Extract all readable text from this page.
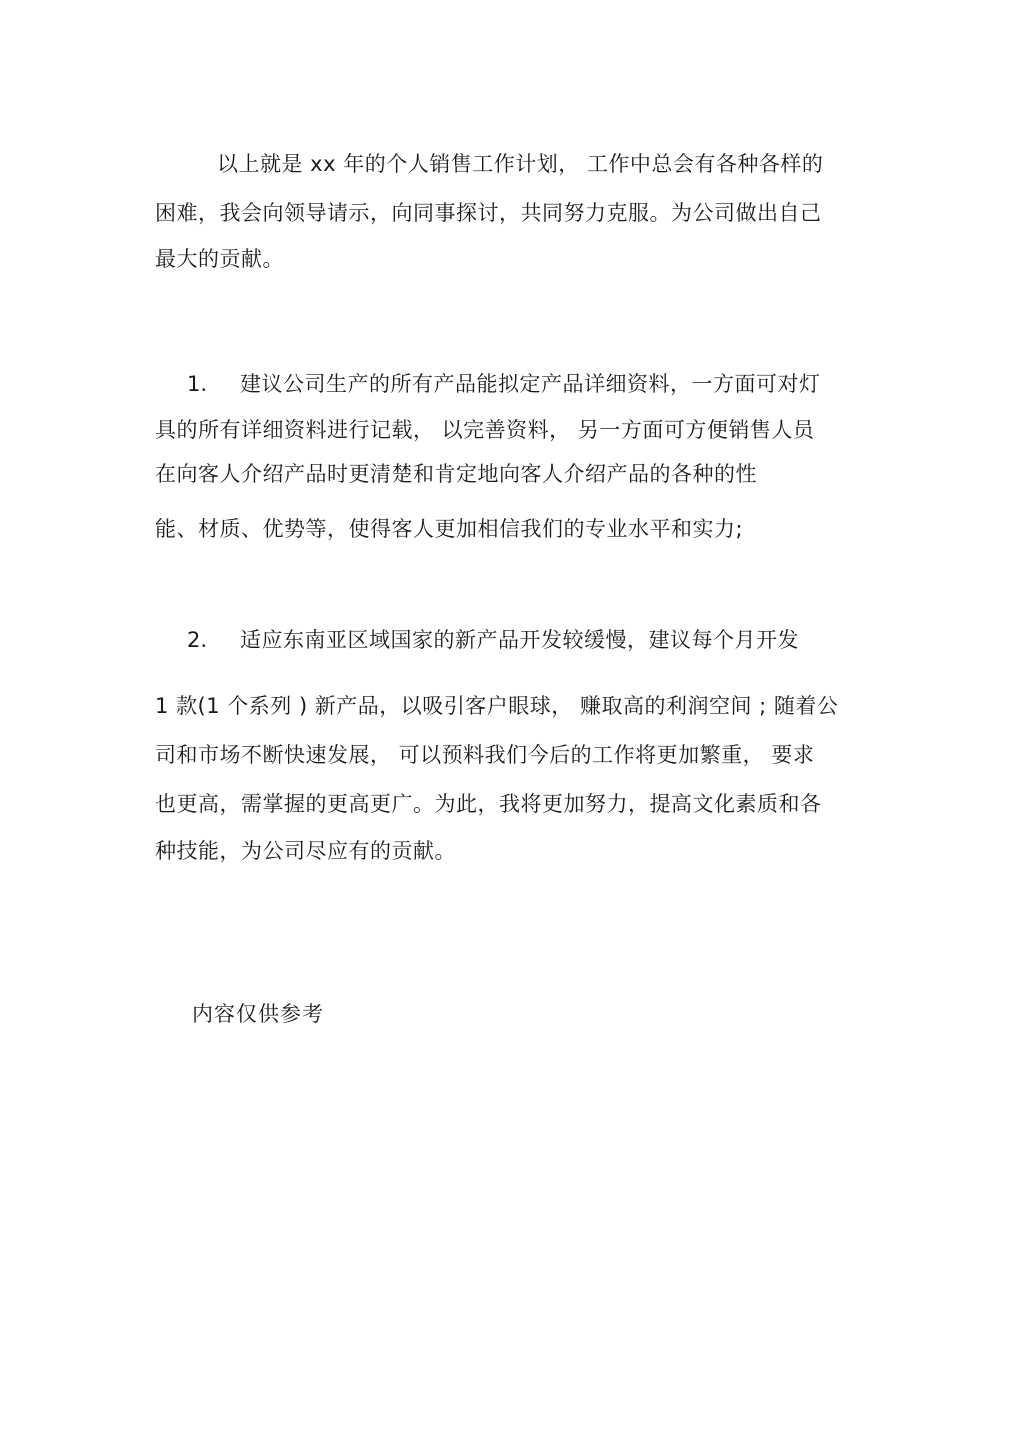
以上就是 xx 年的个人销售工作计划， 工作中总会有各种各样的
困难，我会向领导请示，向同事探讨，共同努力克服。为公司做出自己
最大的贡献。
1. 建议公司生产的所有产品能拟定产品详细资料，一方面可对灯
具的所有详细资料进行记载， 以完善资料， 另一方面可方便销售人员
在向客人介绍产品时更清楚和肯定地向客人介绍产品的各种的性
能、材质、优势等，使得客人更加相信我们的专业水平和实力;
2. 适应东南亚区域国家的新产品开发较缓慢，建议每个月开发
1 款(1 个系列 ) 新产品，以吸引客户眼球， 赚取高的利润空间 ; 随着公
司和市场不断快速发展， 可以预料我们今后的工作将更加繁重， 要求
也更高，需掌握的更高更广。为此，我将更加努力，提高文化素质和各
种技能，为公司尽应有的贡献。
内容仅供参考
